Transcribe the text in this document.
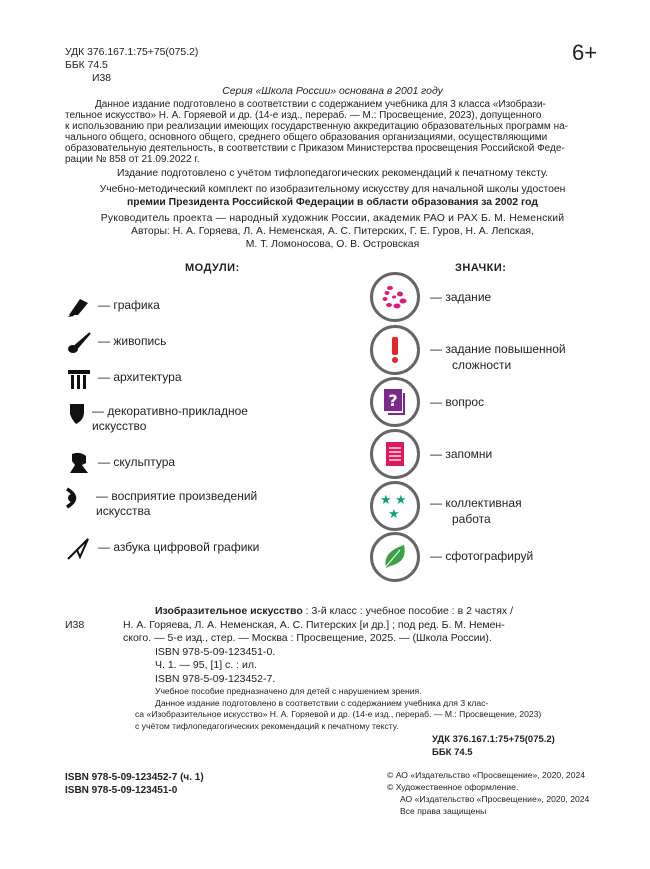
УДК 376.167.1:75+75(075.2)
ББК 74.5
И38
6+
Серия «Школа России» основана в 2001 году
Данное издание подготовлено в соответствии с содержанием учебника для 3 класса «Изобрази-
тельное искусство» Н. А. Горяевой и др. (14-е изд., перераб. — М.: Просвещение, 2023), допущенного
к использованию при реализации имеющих государственную аккредитацию образовательных программ на-
чального общего, основного общего, среднего общего образования организациями, осуществляющими
образовательную деятельность, в соответствии с Приказом Министерства просвещения Российской Феде-
рации № 858 от 21.09.2022 г.
Издание подготовлено с учётом тифлопедагогических рекомендаций к печатному тексту.
Учебно-методический комплект по изобразительному искусству для начальной школы удостоен
премии Президента Российской Федерации в области образования за 2002 год
Руководитель проекта — народный художник России, академик РАО и РАХ Б. М. Неменский
Авторы: Н. А. Горяева, Л. А. Неменская, А. С. Питерских, Г. Е. Гуров, Н. А. Лепская,
М. Т. Ломоносова, О. В. Островская
МОДУЛИ:
— графика
— живопись
— архитектура
— декоративно-прикладное искусство
— скульптура
— восприятие произведений искусства
— азбука цифровой графики
ЗНАЧКИ:
— задание
— задание повышенной
сложности
?	— вопрос
— запомни
★ ★
★
— коллективная
работа
— сфотографируй
Изобразительное искусство : 3-й класс : учебное пособие : в 2 частях /
Н. А. Горяева, Л. А. Неменская, А. С. Питерских [и др.] ; под ред. Б. М. Немен-
ского. — 5-е изд., стер. — Москва : Просвещение, 2025. — (Школа России).
ISBN 978-5-09-123451-0.
Ч. 1. — 95, [1] с. : ил.
ISBN 978-5-09-123452-7.
Учебное пособие предназначено для детей с нарушением зрения.
Данное издание подготовлено в соответствии с содержанием учебника для 3 клас-
са «Изобразительное искусство» Н. А. Горяевой и др. (14-е изд., перераб. — М.: Просвещение, 2023)
с учётом тифлопедагогических рекомендаций к печатному тексту.
И38
УДК 376.167.1:75+75(075.2)
ББК 74.5
ISBN 978-5-09-123452-7 (ч. 1)
ISBN 978-5-09-123451-0
© АО «Издательство «Просвещение», 2020, 2024
© Художественное оформление.
АО «Издательство «Просвещение», 2020, 2024
Все права защищены
